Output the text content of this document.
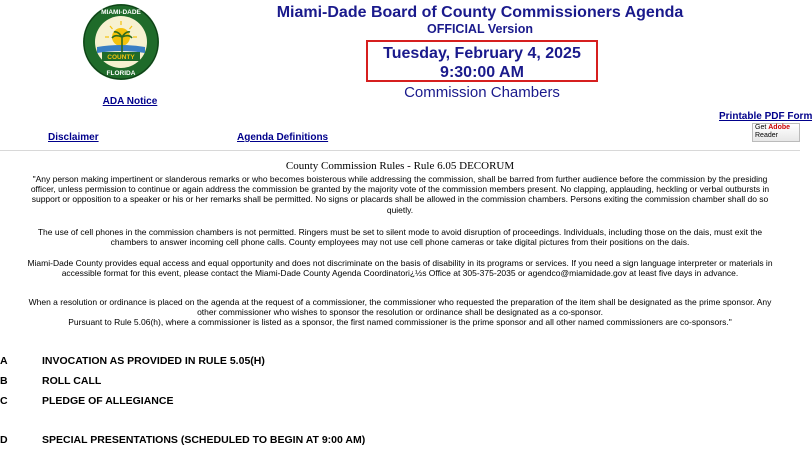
COUNTY
MIAMI-DADE
FLORIDA
ADA Notice
Miami-Dade Board of County Commissioners Agenda
OFFICIAL Version
Tuesday, February 4, 2025
9:30:00 AM
Commission Chambers
Disclaimer	Agenda Definitions
Printable PDF Form
Get Adobe
Reader
County Commission Rules - Rule 6.05 DECORUM
"Any person making impertinent or slanderous remarks or who becomes boisterous while addressing the commission, shall be barred from further audience before the commission by the presiding officer, unless permission to continue or again address the commission be granted by the majority vote of the commission members present. No clapping, applauding, heckling or verbal outbursts in support or opposition to a speaker or his or her remarks shall be permitted. No signs or placards shall be allowed in the commission chambers. Persons exiting the commission chamber shall do so quietly.
The use of cell phones in the commission chambers is not permitted. Ringers must be set to silent mode to avoid disruption of proceedings. Individuals, including those on the dais, must exit the chambers to answer incoming cell phone calls. County employees may not use cell phone cameras or take digital pictures from their positions on the dais.
Miami-Dade County provides equal access and equal opportunity and does not discriminate on the basis of disability in its programs or services. If you need a sign language interpreter or materials in accessible format for this event, please contact the Miami-Dade County Agenda Coordinatori¿½s Office at 305-375-2035 or agendco@miamidade.gov at least five days in advance.
When a resolution or ordinance is placed on the agenda at the request of a commissioner, the commissioner who requested the preparation of the item shall be designated as the prime sponsor. Any other commissioner who wishes to sponsor the resolution or ordinance shall be designated as a co-sponsor.
Pursuant to Rule 5.06(h), where a commissioner is listed as a sponsor, the first named commissioner is the prime sponsor and all other named commissioners are co-sponsors."
A	INVOCATION AS PROVIDED IN RULE 5.05(H)
B	ROLL CALL
C	PLEDGE OF ALLEGIANCE
D	SPECIAL PRESENTATIONS (SCHEDULED TO BEGIN AT 9:00 AM)
